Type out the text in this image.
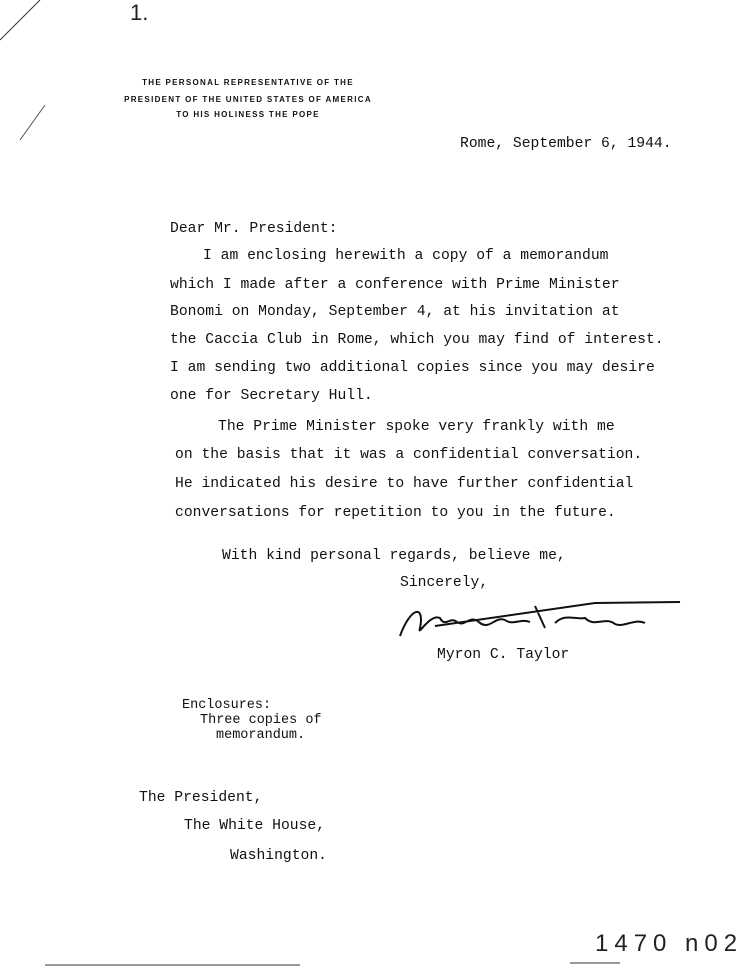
THE PERSONAL REPRESENTATIVE OF THE
PRESIDENT OF THE UNITED STATES OF AMERICA
TO HIS HOLINESS THE POPE
1.
Rome, September 6, 1944.
Dear Mr. President:
I am enclosing herewith a copy of a memorandum
which I made after a conference with Prime Minister
Bonomi on Monday, September 4, at his invitation at
the Caccia Club in Rome, which you may find of interest.
I am sending two additional copies since you may desire
one for Secretary Hull.
The Prime Minister spoke very frankly with me
on the basis that it was a confidential conversation.
He indicated his desire to have further confidential
conversations for repetition to you in the future.
With kind personal regards, believe me,
Sincerely,
Myron C. Taylor
Enclosures:
Three copies of
memorandum.
The President,
The White House,
Washington.
1470 n02
